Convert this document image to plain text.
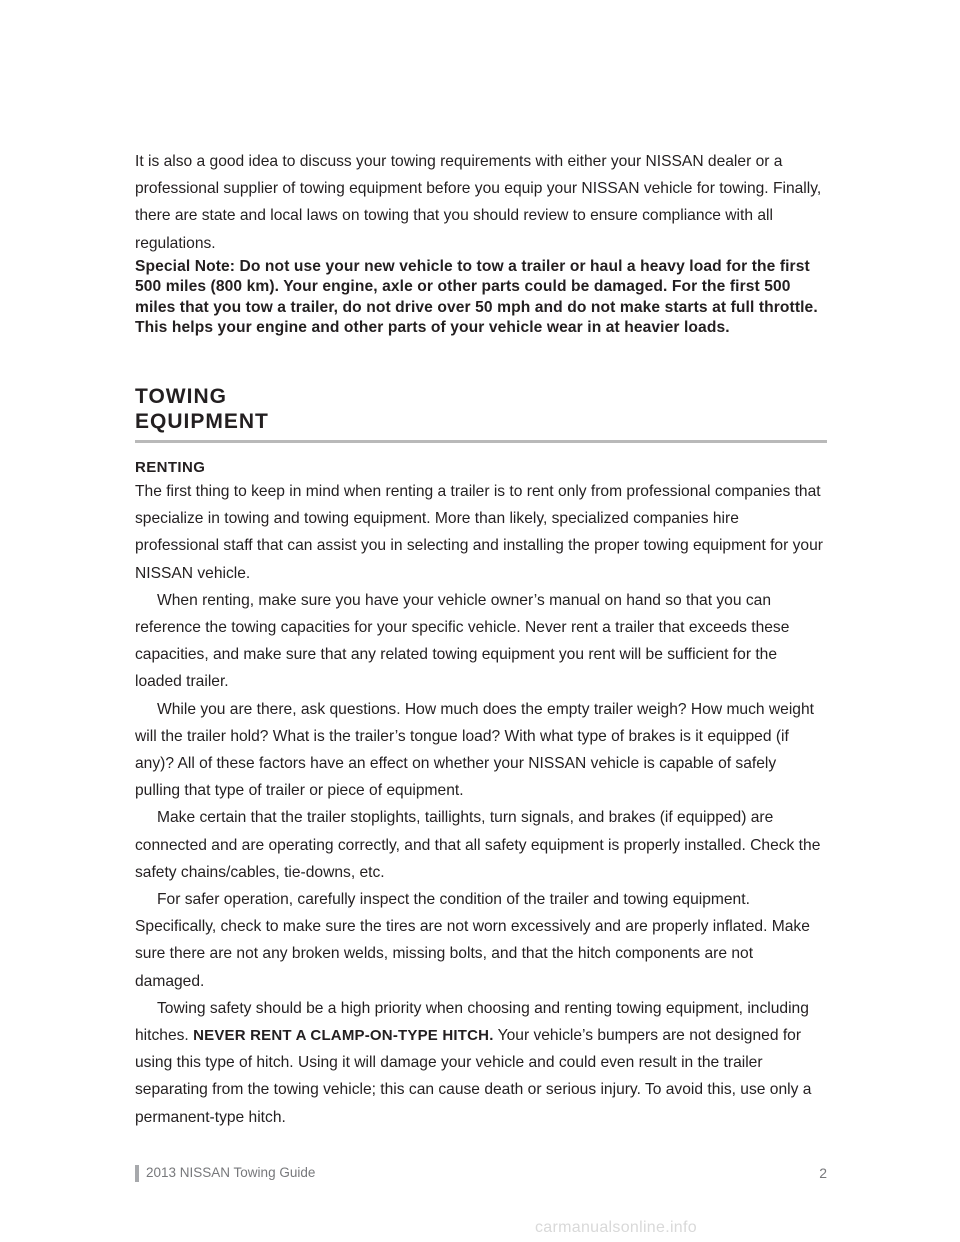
It is also a good idea to discuss your towing requirements with either your NISSAN dealer or a professional supplier of towing equipment before you equip your NISSAN vehicle for towing. Finally, there are state and local laws on towing that you should review to ensure compliance with all regulations.

Special Note: Do not use your new vehicle to tow a trailer or haul a heavy load for the first 500 miles (800 km). Your engine, axle or other parts could be damaged. For the first 500 miles that you tow a trailer, do not drive over 50 mph and do not make starts at full throttle. This helps your engine and other parts of your vehicle wear in at heavier loads.

TOWING
EQUIPMENT

RENTING

The first thing to keep in mind when renting a trailer is to rent only from professional companies that specialize in towing and towing equipment. More than likely, specialized companies hire professional staff that can assist you in selecting and installing the proper towing equipment for your NISSAN vehicle.

When renting, make sure you have your vehicle owner’s manual on hand so that you can reference the towing capacities for your specific vehicle. Never rent a trailer that exceeds these capacities, and make sure that any related towing equipment you rent will be sufficient for the loaded trailer.

While you are there, ask questions. How much does the empty trailer weigh? How much weight will the trailer hold? What is the trailer’s tongue load? With what type of brakes is it equipped (if any)? All of these factors have an effect on whether your NISSAN vehicle is capable of safely pulling that type of trailer or piece of equipment.

Make certain that the trailer stoplights, taillights, turn signals, and brakes (if equipped) are connected and are operating correctly, and that all safety equipment is properly installed. Check the safety chains/cables, tie-downs, etc.

For safer operation, carefully inspect the condition of the trailer and towing equipment. Specifically, check to make sure the tires are not worn excessively and are properly inflated. Make sure there are not any broken welds, missing bolts, and that the hitch components are not damaged.

Towing safety should be a high priority when choosing and renting towing equipment, including hitches. NEVER RENT A CLAMP-ON-TYPE HITCH. Your vehicle’s bumpers are not designed for using this type of hitch. Using it will damage your vehicle and could even result in the trailer separating from the towing vehicle; this can cause death or serious injury. To avoid this, use only a permanent-type hitch.

2013 NISSAN Towing Guide	2
carmanualsonline.info
